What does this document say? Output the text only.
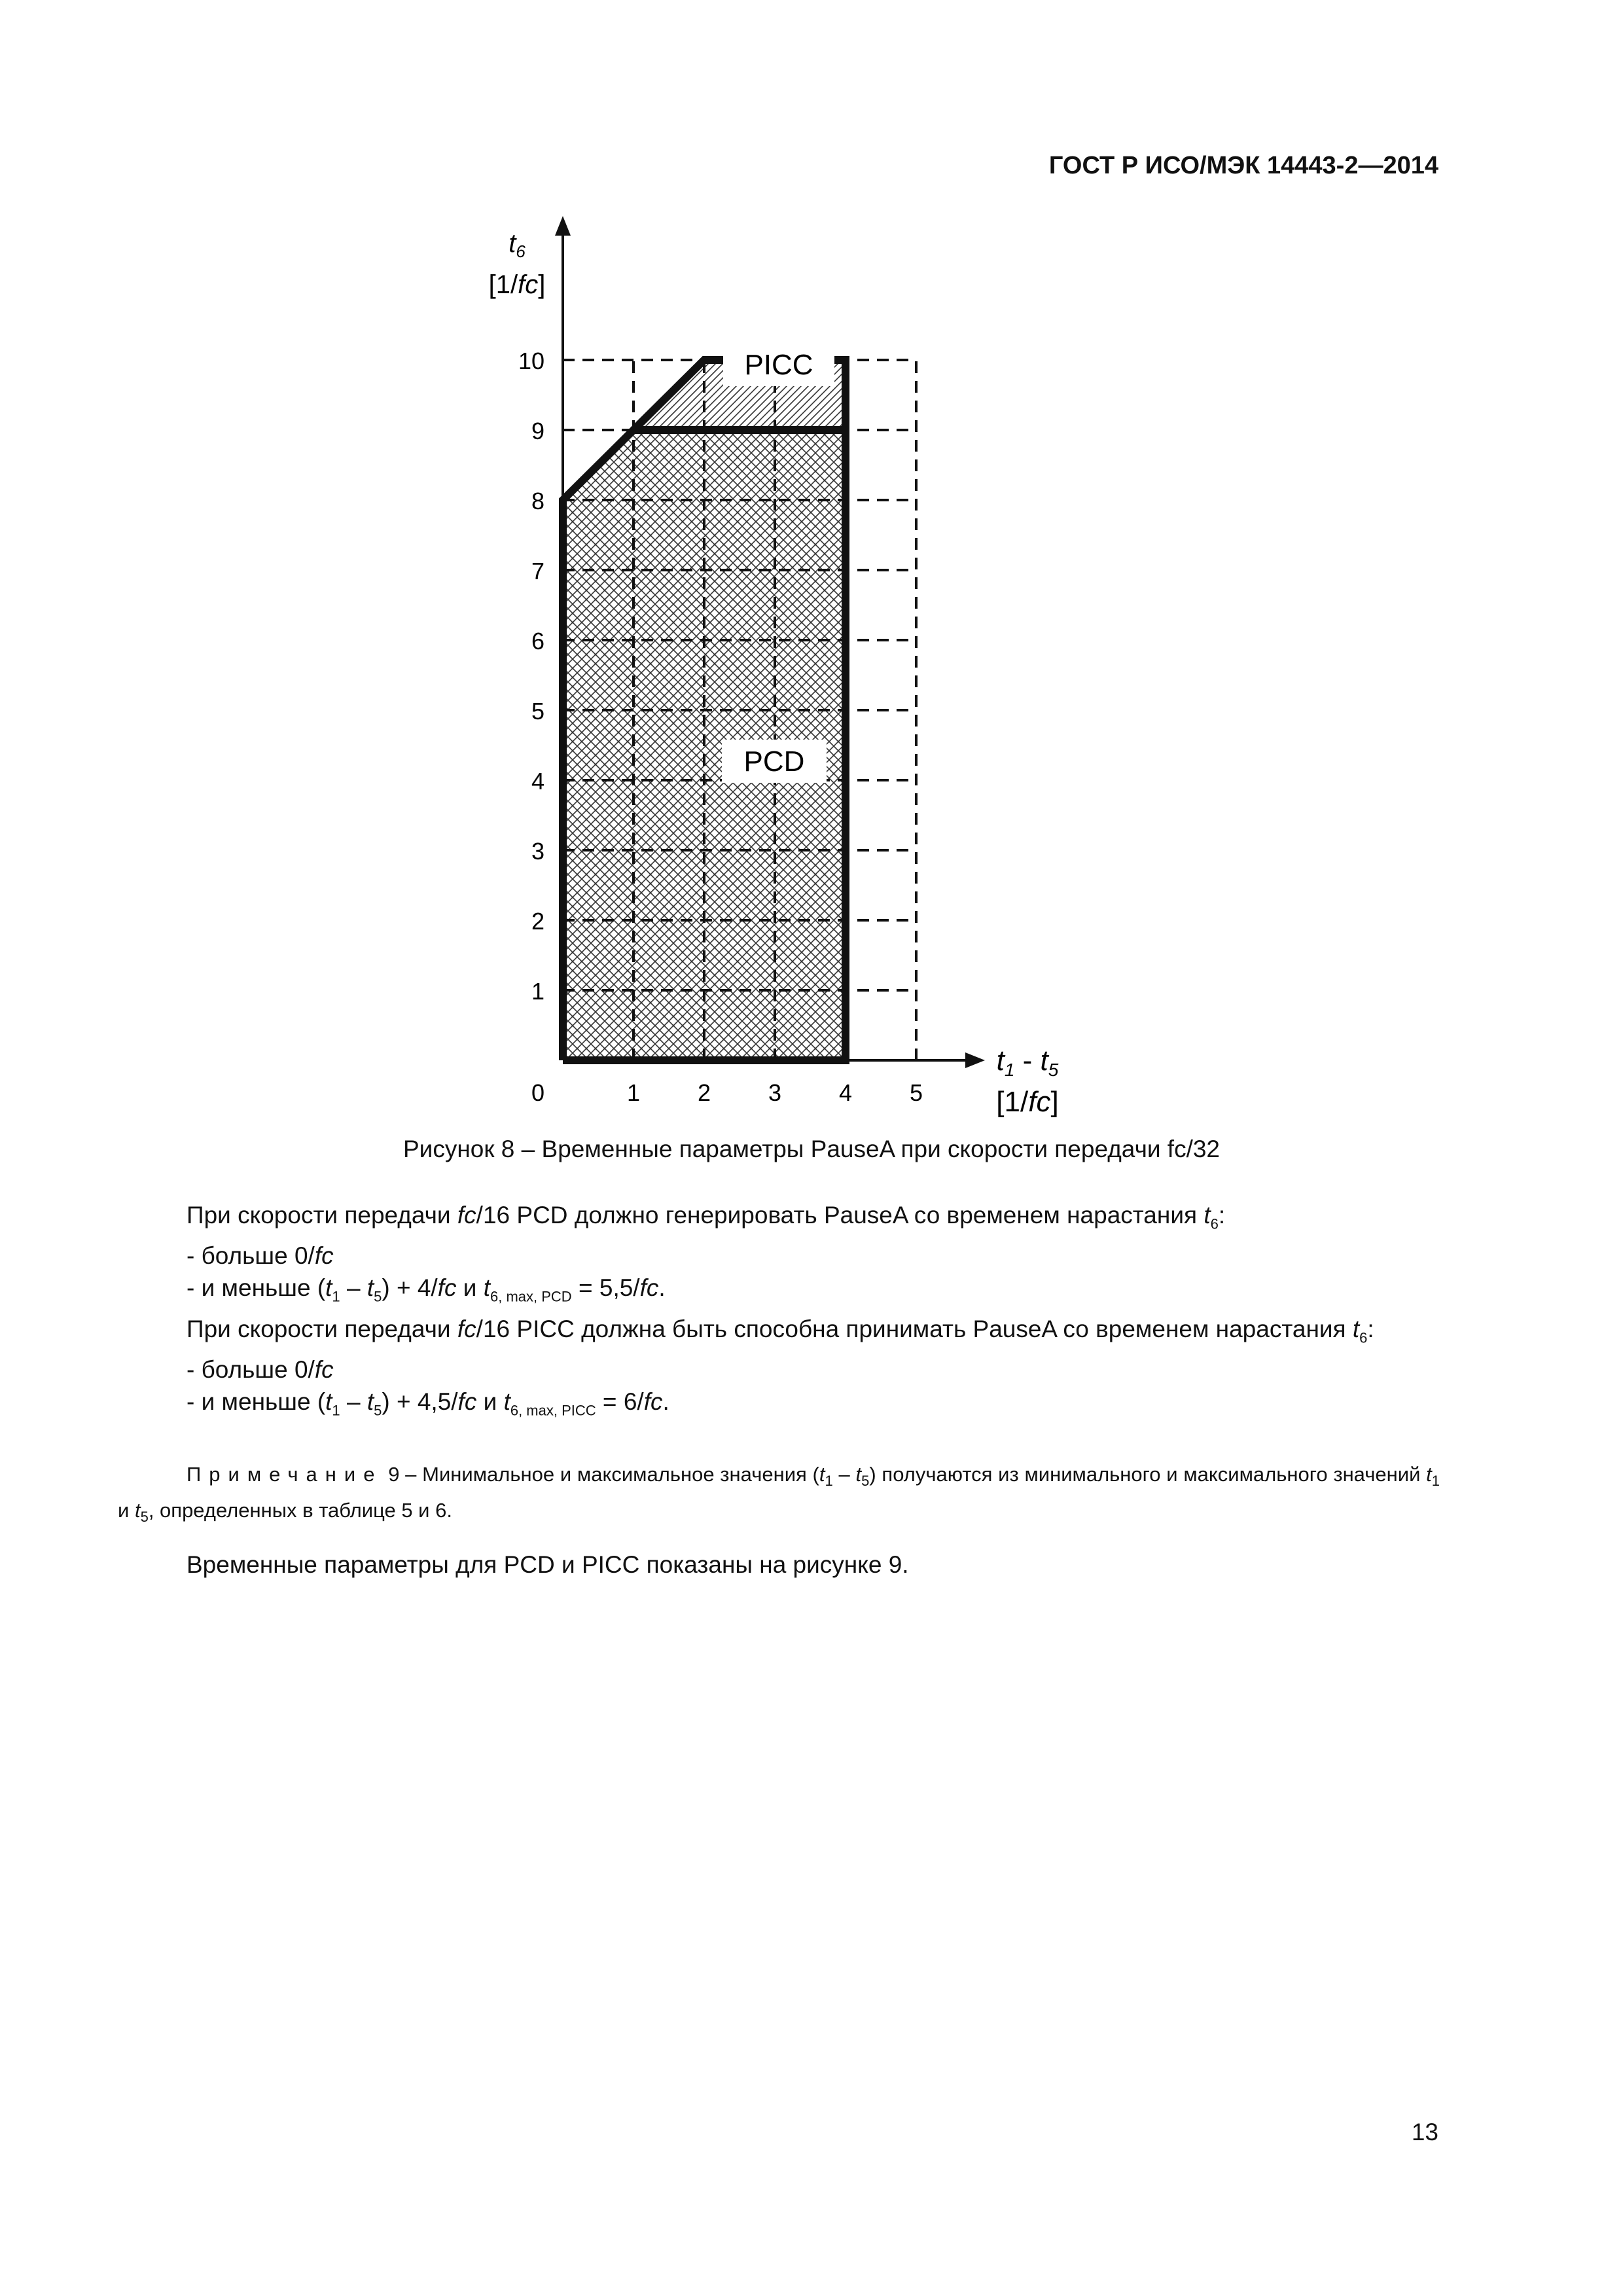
ГОСТ Р ИСО/МЭК 14443-2—2014
$t_6$
[1/fc]
0
1
2
3
4
5
6
7
8
9
10
1 2 3 4 5
PCD
PICC
$t_1 - t_5$
[1/fc]
Рисунок 8 – Временные параметры PauseA при скорости передачи fc/32

При скорости передачи fc/16 PCD должно генерировать PauseA со временем нарастания $t_6$:

- больше 0/fc

- и меньше $(t_1 - t_5) + 4/fc$ и $t_{6, max, PCD} = 5,5/fc$.

При скорости передачи fc/16 PICC должна быть способна принимать PauseA со временем нарастания $t_6$:

- больше 0/fc

- и меньше $(t_1 - t_5) + 4,5/fc$ и $t_{6, max, PICC} = 6/fc$.

Примечание 9 – Минимальное и максимальное значения $(t_1 - t_5)$ получаются из минимального и максимального значений $t_1$ и $t_5$, определенных в таблице 5 и 6.
Временные параметры для PCD и PICC показаны на рисунке 9.
13
